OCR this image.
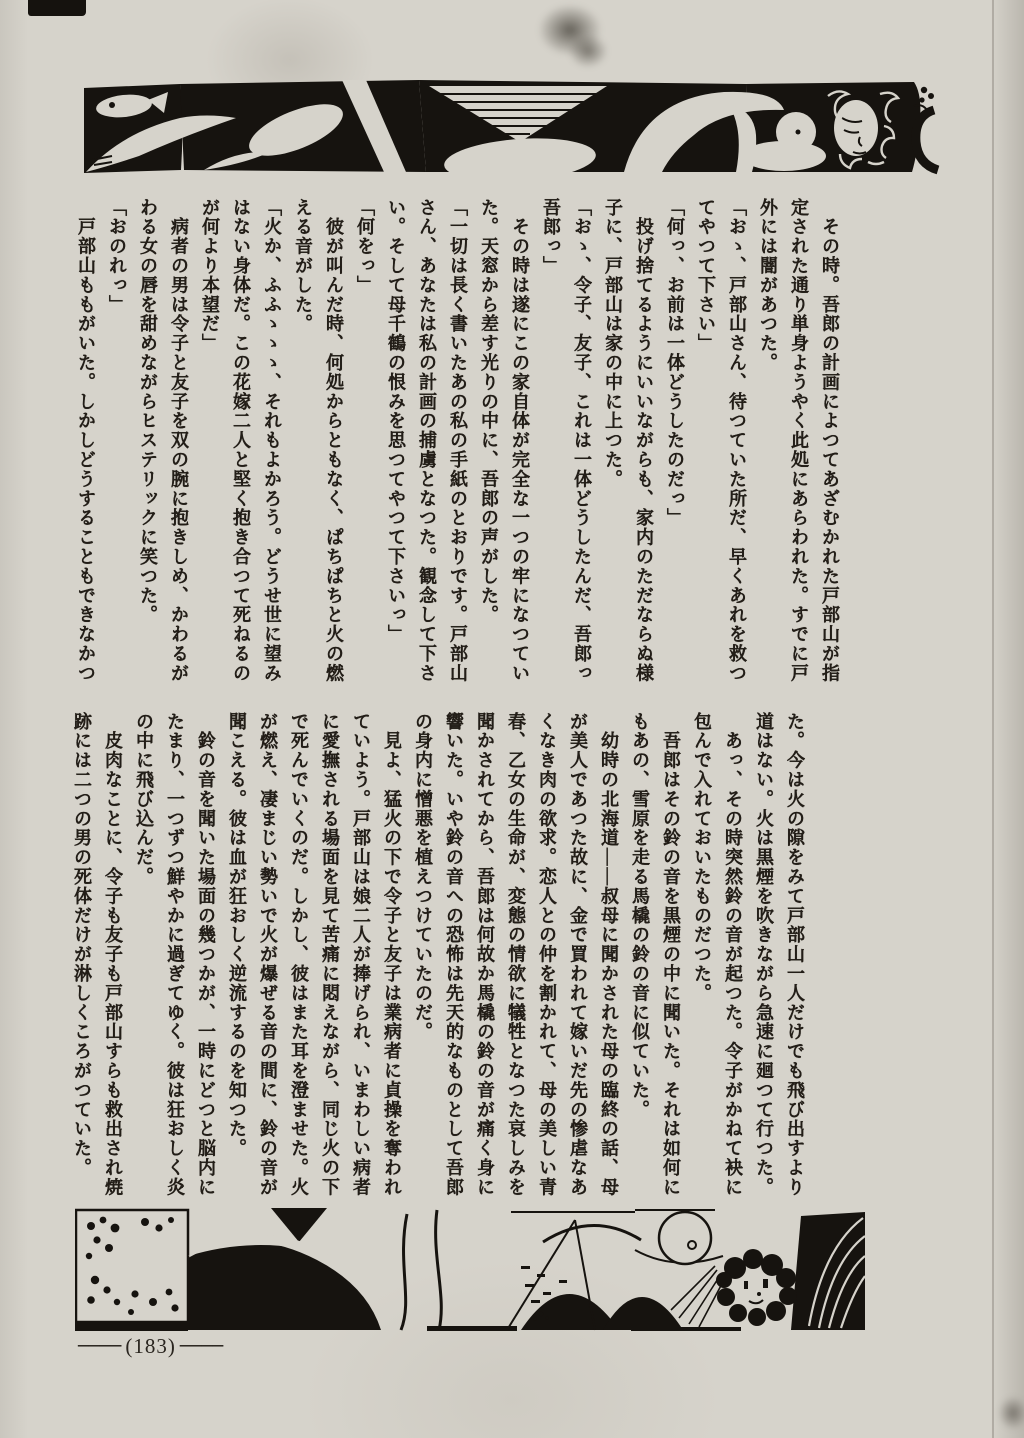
　その時。吾郎の計画によつてあざむかれた戸部山が指
定された通り単身ようやく此処にあらわれた。すでに戸
外には闇があつた。
「おゝ、戸部山さん、待つていた所だ、早くあれを救つ
てやつて下さい」
「何っ、お前は一体どうしたのだっ」
　投げ捨てるようにいいながらも、家内のただならぬ様
子に、戸部山は家の中に上つた。
「おゝ、令子、友子、これは一体どうしたんだ、吾郎っ
吾郎っ」
　その時は遂にこの家自体が完全な一つの牢になつてい
た。天窓から差す光りの中に、吾郎の声がした。
「一切は長く書いたあの私の手紙のとおりです。戸部山
さん、あなたは私の計画の捕虜となつた。観念して下さ
い。そして母千鶴の恨みを思つてやつて下さいっ」
「何をっ」
　彼が叫んだ時、何処からともなく、ぱちぱちと火の燃
える音がした。
「火か、ふふゝゝゝ、それもよかろう。どうせ世に望み
はない身体だ。この花嫁二人と堅く抱き合つて死ねるの
が何より本望だ」
　病者の男は令子と友子を双の腕に抱きしめ、かわるが
わる女の唇を甜めながらヒステリックに笑つた。
「おのれっ」
　戸部山ももがいた。しかしどうすることもできなかつ
た。今は火の隙をみて戸部山一人だけでも飛び出すより
道はない。火は黒煙を吹きながら急速に廻つて行つた。
　あっ、その時突然鈴の音が起つた。令子がかねて袂に
包んで入れておいたものだつた。
　吾郎はその鈴の音を黒煙の中に聞いた。それは如何に
もあの、雪原を走る馬橇の鈴の音に似ていた。
　幼時の北海道――叔母に聞かされた母の臨終の話、母
が美人であつた故に、金で買われて嫁いだ先の惨虐なあ
くなき肉の欲求。恋人との仲を割かれて、母の美しい青
春、乙女の生命が、変態の情欲に犠牲となつた哀しみを
聞かされてから、吾郎は何故か馬橇の鈴の音が痛く身に
響いた。いや鈴の音への恐怖は先天的なものとして吾郎
の身内に憎悪を植えつけていたのだ。
　見よ、猛火の下で令子と友子は業病者に貞操を奪われ
ていよう。戸部山は娘二人が捧げられ、いまわしい病者
に愛撫される場面を見て苦痛に悶えながら、同じ火の下
で死んでいくのだ。しかし、彼はまた耳を澄ませた。火
が燃え、凄まじい勢いで火が爆ぜる音の間に、鈴の音が
聞こえる。彼は血が狂おしく逆流するのを知つた。
　鈴の音を聞いた場面の幾つかが、一時にどつと脳内に
たまり、一つずつ鮮やかに過ぎてゆく。彼は狂おしく炎
の中に飛び込んだ。
　皮肉なことに、令子も友子も戸部山すらも救出され焼
跡には二つの男の死体だけが淋しくころがつていた。
──── (183) ────
